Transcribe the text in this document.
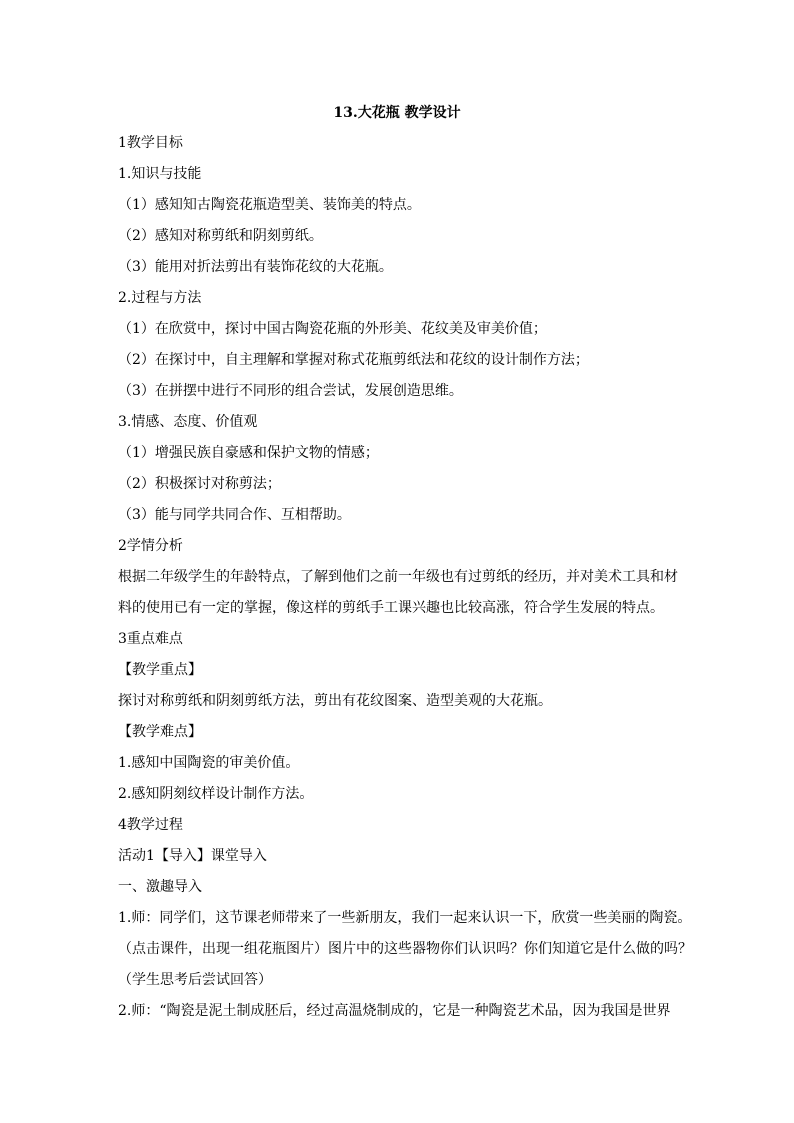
13.大花瓶 教学设计
1教学目标
1.知识与技能
（1）感知知古陶瓷花瓶造型美、装饰美的特点。
（2）感知对称剪纸和阴刻剪纸。
（3）能用对折法剪出有装饰花纹的大花瓶。
2.过程与方法
（1）在欣赏中，探讨中国古陶瓷花瓶的外形美、花纹美及审美价值；
（2）在探讨中，自主理解和掌握对称式花瓶剪纸法和花纹的设计制作方法；
（3）在拼摆中进行不同形的组合尝试，发展创造思维。
3.情感、态度、价值观
（1）增强民族自豪感和保护文物的情感；
（2）积极探讨对称剪法；
（3）能与同学共同合作、互相帮助。
2学情分析
根据二年级学生的年龄特点，了解到他们之前一年级也有过剪纸的经历，并对美术工具和材
料的使用已有一定的掌握，像这样的剪纸手工课兴趣也比较高涨，符合学生发展的特点。
3重点难点
【教学重点】
探讨对称剪纸和阴刻剪纸方法，剪出有花纹图案、造型美观的大花瓶。
【教学难点】
1.感知中国陶瓷的审美价值。
2.感知阴刻纹样设计制作方法。
4教学过程
活动1【导入】课堂导入
一、激趣导入
1.师：同学们，这节课老师带来了一些新朋友，我们一起来认识一下，欣赏一些美丽的陶瓷。
（点击课件，出现一组花瓶图片）图片中的这些器物你们认识吗？你们知道它是什么做的吗？
（学生思考后尝试回答）
2.师：“陶瓷是泥土制成胚后，经过高温烧制成的，它是一种陶瓷艺术品，因为我国是世界
